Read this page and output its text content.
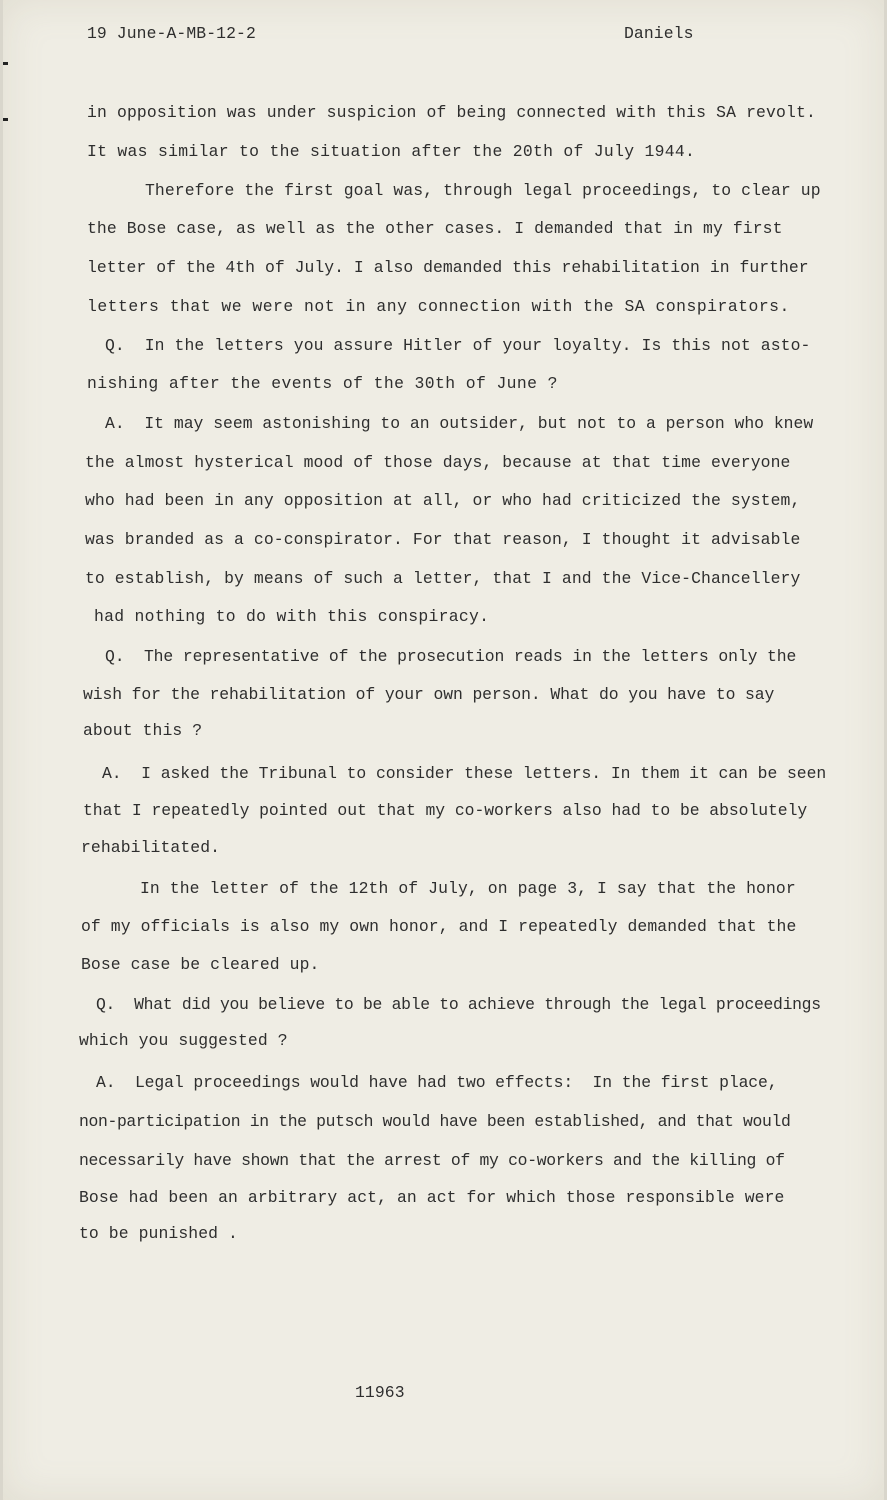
19 June-A-MB-12-2	Daniels

in opposition was under suspicion of being connected with this SA revolt.

It was similar to the situation after the 20th of July 1944.

Therefore the first goal was, through legal proceedings, to clear up

the Bose case, as well as the other cases. I demanded that in my first

letter of the 4th of July. I also demanded this rehabilitation in further

letters that we were not in any connection with the SA conspirators.

Q.  In the letters you assure Hitler of your loyalty. Is this not asto-

nishing after the events of the 30th of June ?

A.  It may seem astonishing to an outsider, but not to a person who knew

the almost hysterical mood of those days, because at that time everyone

who had been in any opposition at all, or who had criticized the system,

was branded as a co-conspirator. For that reason, I thought it advisable

to establish, by means of such a letter, that I and the Vice-Chancellery

had nothing to do with this conspiracy.

Q.  The representative of the prosecution reads in the letters only the

wish for the rehabilitation of your own person. What do you have to say

about this ?

A.  I asked the Tribunal to consider these letters. In them it can be seen

that I repeatedly pointed out that my co-workers also had to be absolutely

rehabilitated.

In the letter of the 12th of July, on page 3, I say that the honor

of my officials is also my own honor, and I repeatedly demanded that the

Bose case be cleared up.

Q.  What did you believe to be able to achieve through the legal proceedings

which you suggested ?

A.  Legal proceedings would have had two effects:  In the first place,

non-participation in the putsch would have been established, and that would

necessarily have shown that the arrest of my co-workers and the killing of

Bose had been an arbitrary act, an act for which those responsible were

to be punished .

11963
